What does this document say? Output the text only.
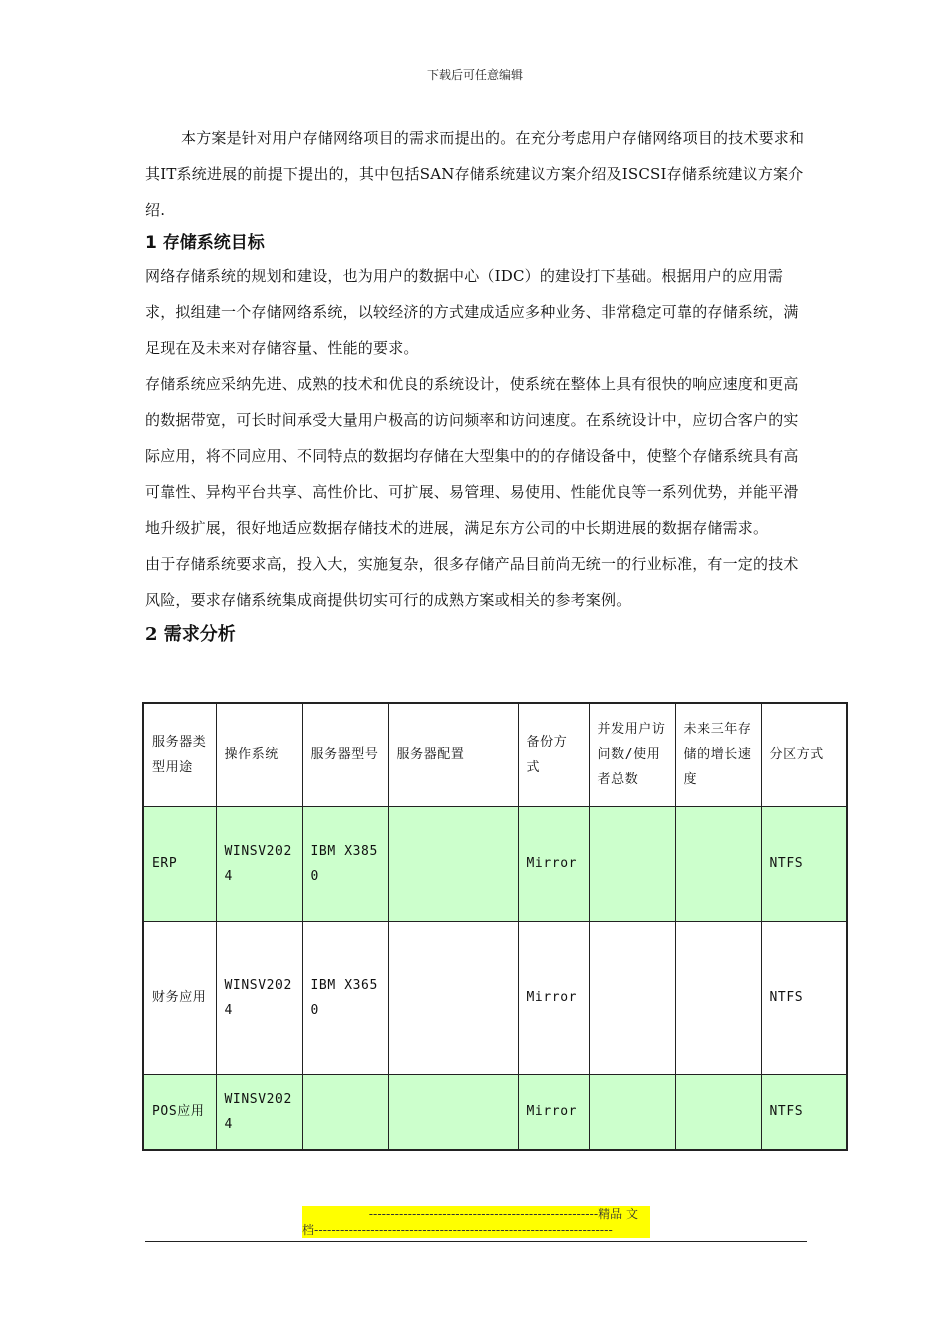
下载后可任意编辑

本方案是针对用户存储网络项目的需求而提出的。在充分考虑用户存储网络项目的技术要求和其IT系统进展的前提下提出的，其中包括SAN存储系统建议方案介绍及ISCSI存储系统建议方案介绍.

1 存储系统目标

网络存储系统的规划和建设，也为用户的数据中心（IDC）的建设打下基础。根据用户的应用需求，拟组建一个存储网络系统，以较经济的方式建成适应多种业务、非常稳定可靠的存储系统，满足现在及未来对存储容量、性能的要求。

存储系统应采纳先进、成熟的技术和优良的系统设计，使系统在整体上具有很快的响应速度和更高的数据带宽，可长时间承受大量用户极高的访问频率和访问速度。在系统设计中，应切合客户的实际应用，将不同应用、不同特点的数据均存储在大型集中的的存储设备中，使整个存储系统具有高可靠性、异构平台共享、高性价比、可扩展、易管理、易使用、性能优良等一系列优势，并能平滑地升级扩展，很好地适应数据存储技术的进展，满足东方公司的中长期进展的数据存储需求。

由于存储系统要求高，投入大，实施复杂，很多存储产品目前尚无统一的行业标准，有一定的技术风险，要求存储系统集成商提供切实可行的成熟方案或相关的参考案例。

2 需求分析
服务器类型用途	操作系统	服务器型号	服务器配置	备份方式	并发用户访问数/使用者总数	未来三年存储的增长速度	分区方式
ERP	WINSV2024	IBM X3850		Mirror			NTFS
财务应用	WINSV2024	IBM X3650		Mirror			NTFS
POS应用	WINSV2024			Mirror			NTFS
-----------------------------------------------------精品 文
档---------------------------------------------------------------------
